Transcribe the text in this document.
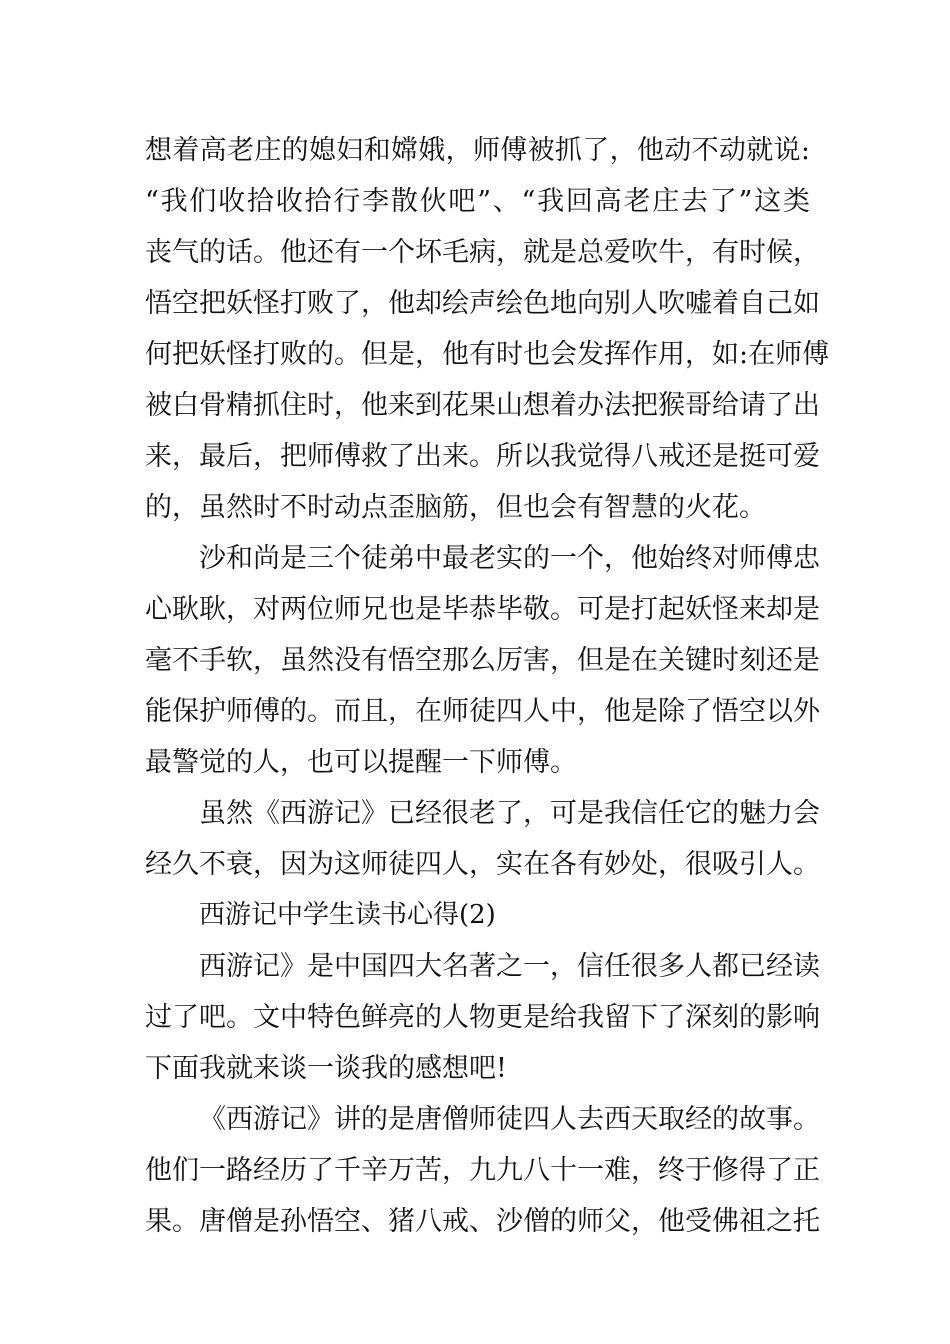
想着高老庄的媳妇和嫦娥，师傅被抓了，他动不动就说:
“我们收拾收拾行李散伙吧”、“我回高老庄去了”这类
丧气的话。他还有一个坏毛病，就是总爱吹牛，有时候，
悟空把妖怪打败了，他却绘声绘色地向别人吹嘘着自己如
何把妖怪打败的。但是，他有时也会发挥作用，如:在师傅
被白骨精抓住时，他来到花果山想着办法把猴哥给请了出
来，最后，把师傅救了出来。所以我觉得八戒还是挺可爱
的，虽然时不时动点歪脑筋，但也会有智慧的火花。
沙和尚是三个徒弟中最老实的一个，他始终对师傅忠
心耿耿，对两位师兄也是毕恭毕敬。可是打起妖怪来却是
毫不手软，虽然没有悟空那么厉害，但是在关键时刻还是
能保护师傅的。而且，在师徒四人中，他是除了悟空以外
最警觉的人，也可以提醒一下师傅。
虽然《西游记》已经很老了，可是我信任它的魅力会
经久不衰，因为这师徒四人，实在各有妙处，很吸引人。
西游记中学生读书心得(2)
西游记》是中国四大名著之一，信任很多人都已经读
过了吧。文中特色鲜亮的人物更是给我留下了深刻的影响
下面我就来谈一谈我的感想吧!
《西游记》讲的是唐僧师徒四人去西天取经的故事。
他们一路经历了千辛万苦，九九八十一难，终于修得了正
果。唐僧是孙悟空、猪八戒、沙僧的师父，他受佛祖之托
